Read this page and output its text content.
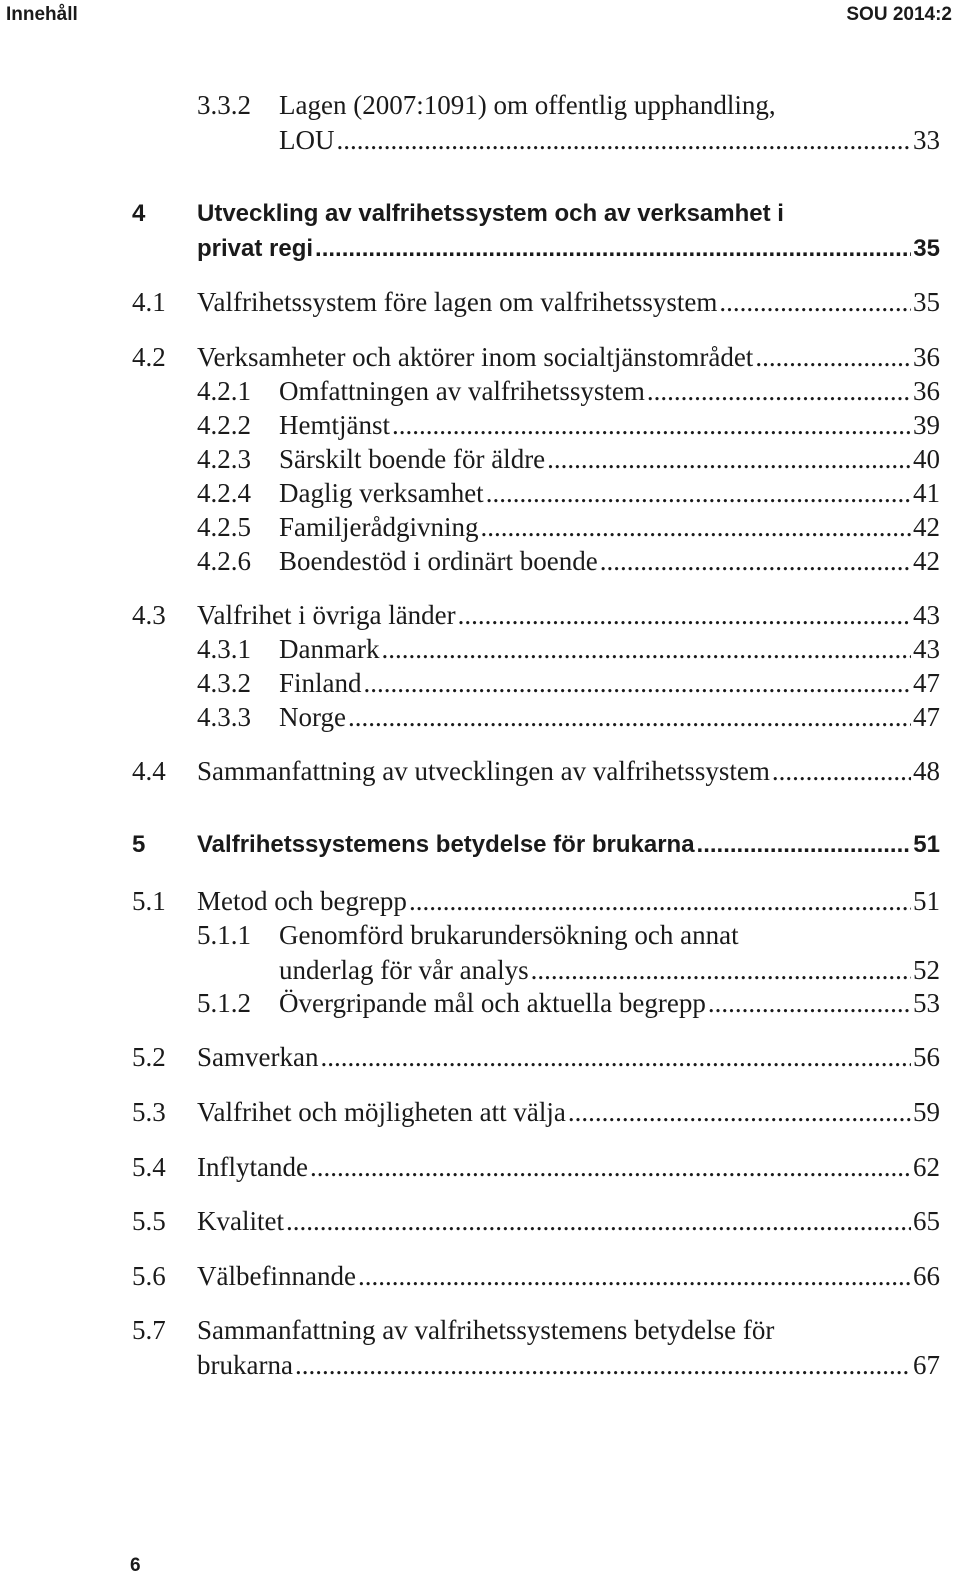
Innehåll	SOU 2014:2
3.3.2	Lagen (2007:1091) om offentlig upphandling,
LOU .....	33
4	Utveckling av valfrihetssystem och av verksamhet i
privat regi .....	35
4.1 Valfrihetssystem före lagen om valfrihetssystem .....	35
4.2 Verksamheter och aktörer inom socialtjänstområdet .....	36
4.2.1 Omfattningen av valfrihetssystem .....	36
4.2.2 Hemtjänst .....	39
4.2.3 Särskilt boende för äldre .....	40
4.2.4 Daglig verksamhet .....	41
4.2.5 Familjerådgivning .....	42
4.2.6 Boendestöd i ordinärt boende .....	42
4.3 Valfrihet i övriga länder .....	43
4.3.1 Danmark .....	43
4.3.2 Finland .....	47
4.3.3 Norge .....	47
4.4 Sammanfattning av utvecklingen av valfrihetssystem .....	48
5 Valfrihetssystemens betydelse för brukarna .....	51
5.1 Metod och begrepp .....	51
5.1.1	Genomförd brukarundersökning och annat
underlag för vår analys .....	52
5.1.2 Övergripande mål och aktuella begrepp .....	53
5.2 Samverkan .....	56
5.3 Valfrihet och möjligheten att välja .....	59
5.4 Inflytande .....	62
5.5 Kvalitet .....	65
5.6 Välbefinnande .....	66
5.7	Sammanfattning av valfrihetssystemens betydelse för
brukarna .....	67
6
